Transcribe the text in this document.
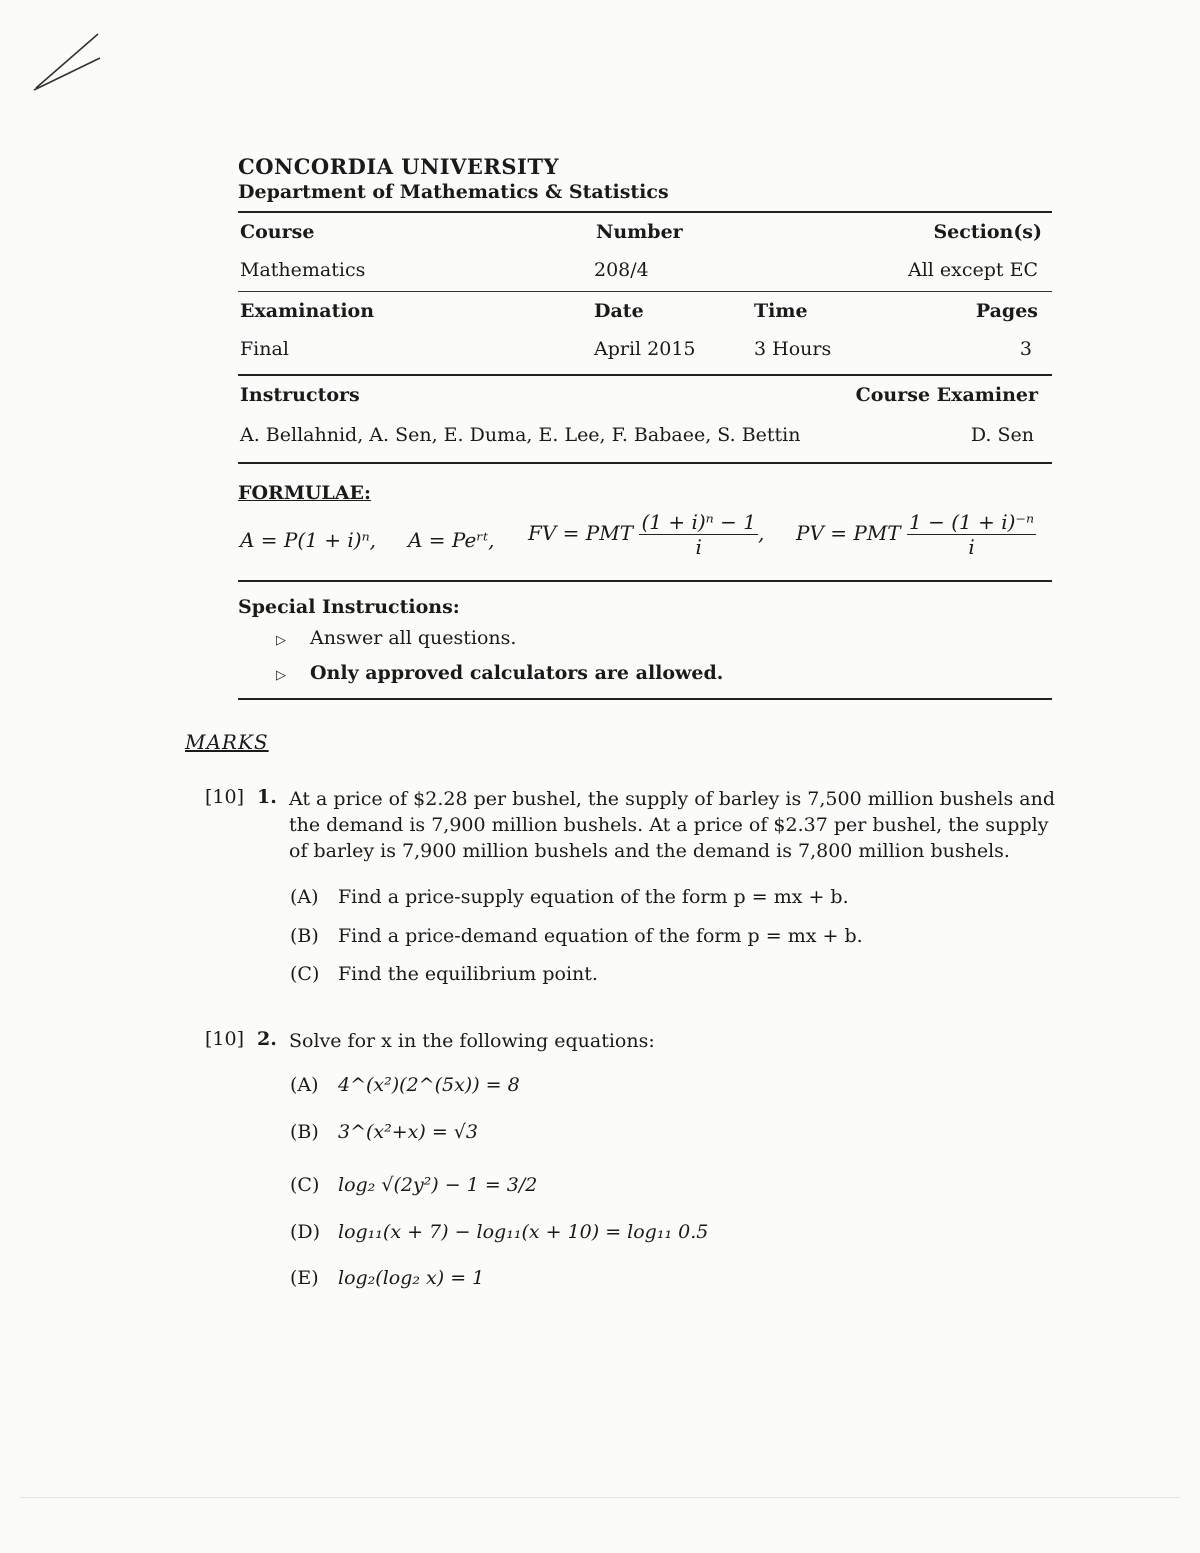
CONCORDIA UNIVERSITY
Department of Mathematics & Statistics
Course	Number	Section(s)
Mathematics	208/4	All except EC
Examination	Date	Time	Pages
Final	April 2015	3 Hours	3
Instructors	Course Examiner
A. Bellahnid, A. Sen, E. Duma, E. Lee, F. Babaee, S. Bettin	D. Sen
FORMULAE:
A = P(1 + i)ⁿ, A = Peʳᵗ, FV = PMT $\frac{\text{(1 + i)ⁿ − 1}}{i}$ , PV = PMT $\frac{\text{1 − (1 + i)⁻ⁿ}}{i}$
Special Instructions:
▷ Answer all questions.
▷ Only approved calculators are allowed.
MARKS
[10] 1. At a price of $2.28 per bushel, the supply of barley is 7,500 million bushels and the demand is 7,900 million bushels. At a price of $2.37 per bushel, the supply of barley is 7,900 million bushels and the demand is 7,800 million bushels.
(A) Find a price-supply equation of the form p = mx + b.
(B) Find a price-demand equation of the form p = mx + b.
(C) Find the equilibrium point.
[10] 2. Solve for x in the following equations:
(A) 4^(x²)(2^(5x)) = 8
(B) 3^(x²+x) = √3
(C) log₂ √(2y²) − 1 = 3/2
(D) log₁₁(x + 7) − log₁₁(x + 10) = log₁₁ 0.5
(E) log₂(log₂ x) = 1
